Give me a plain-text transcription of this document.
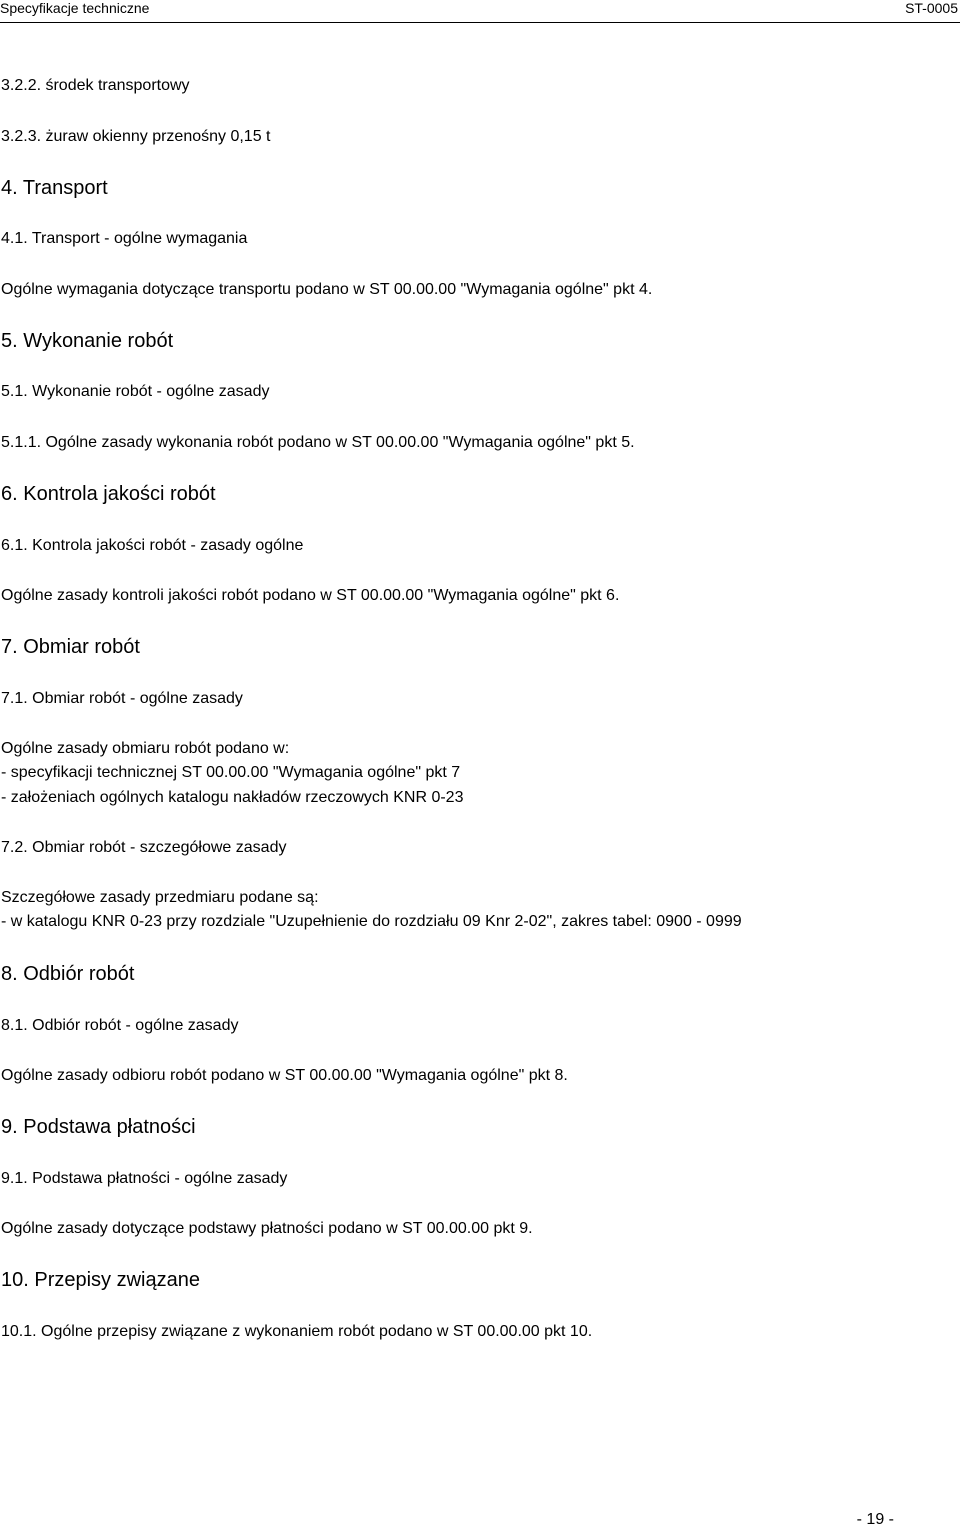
Specyfikacje techniczne	ST-0005
3.2.2. środek transportowy
3.2.3. żuraw okienny przenośny 0,15 t
4. Transport
4.1. Transport - ogólne wymagania
Ogólne wymagania dotyczące transportu podano w ST 00.00.00 "Wymagania ogólne" pkt 4.
5. Wykonanie robót
5.1. Wykonanie robót - ogólne zasady
5.1.1. Ogólne zasady wykonania robót podano w ST 00.00.00 "Wymagania ogólne" pkt 5.
6. Kontrola jakości robót
6.1. Kontrola jakości robót - zasady ogólne
Ogólne zasady kontroli jakości robót podano w ST 00.00.00 "Wymagania ogólne" pkt 6.
7. Obmiar robót
7.1. Obmiar robót - ogólne zasady
Ogólne zasady obmiaru robót podano w:
- specyfikacji technicznej ST 00.00.00 "Wymagania ogólne" pkt 7
- założeniach ogólnych katalogu nakładów rzeczowych KNR 0-23
7.2. Obmiar robót - szczegółowe zasady
Szczegółowe zasady przedmiaru podane są:
- w katalogu KNR 0-23 przy rozdziale "Uzupełnienie do rozdziału 09 Knr 2-02", zakres tabel: 0900 - 0999
8. Odbiór robót
8.1. Odbiór robót - ogólne zasady
Ogólne zasady odbioru robót podano w ST 00.00.00 "Wymagania ogólne" pkt 8.
9. Podstawa płatności
9.1. Podstawa płatności - ogólne zasady
Ogólne zasady dotyczące podstawy płatności podano w ST 00.00.00 pkt 9.
10. Przepisy związane
10.1. Ogólne przepisy związane z wykonaniem robót podano w ST 00.00.00 pkt 10.
- 19 -
